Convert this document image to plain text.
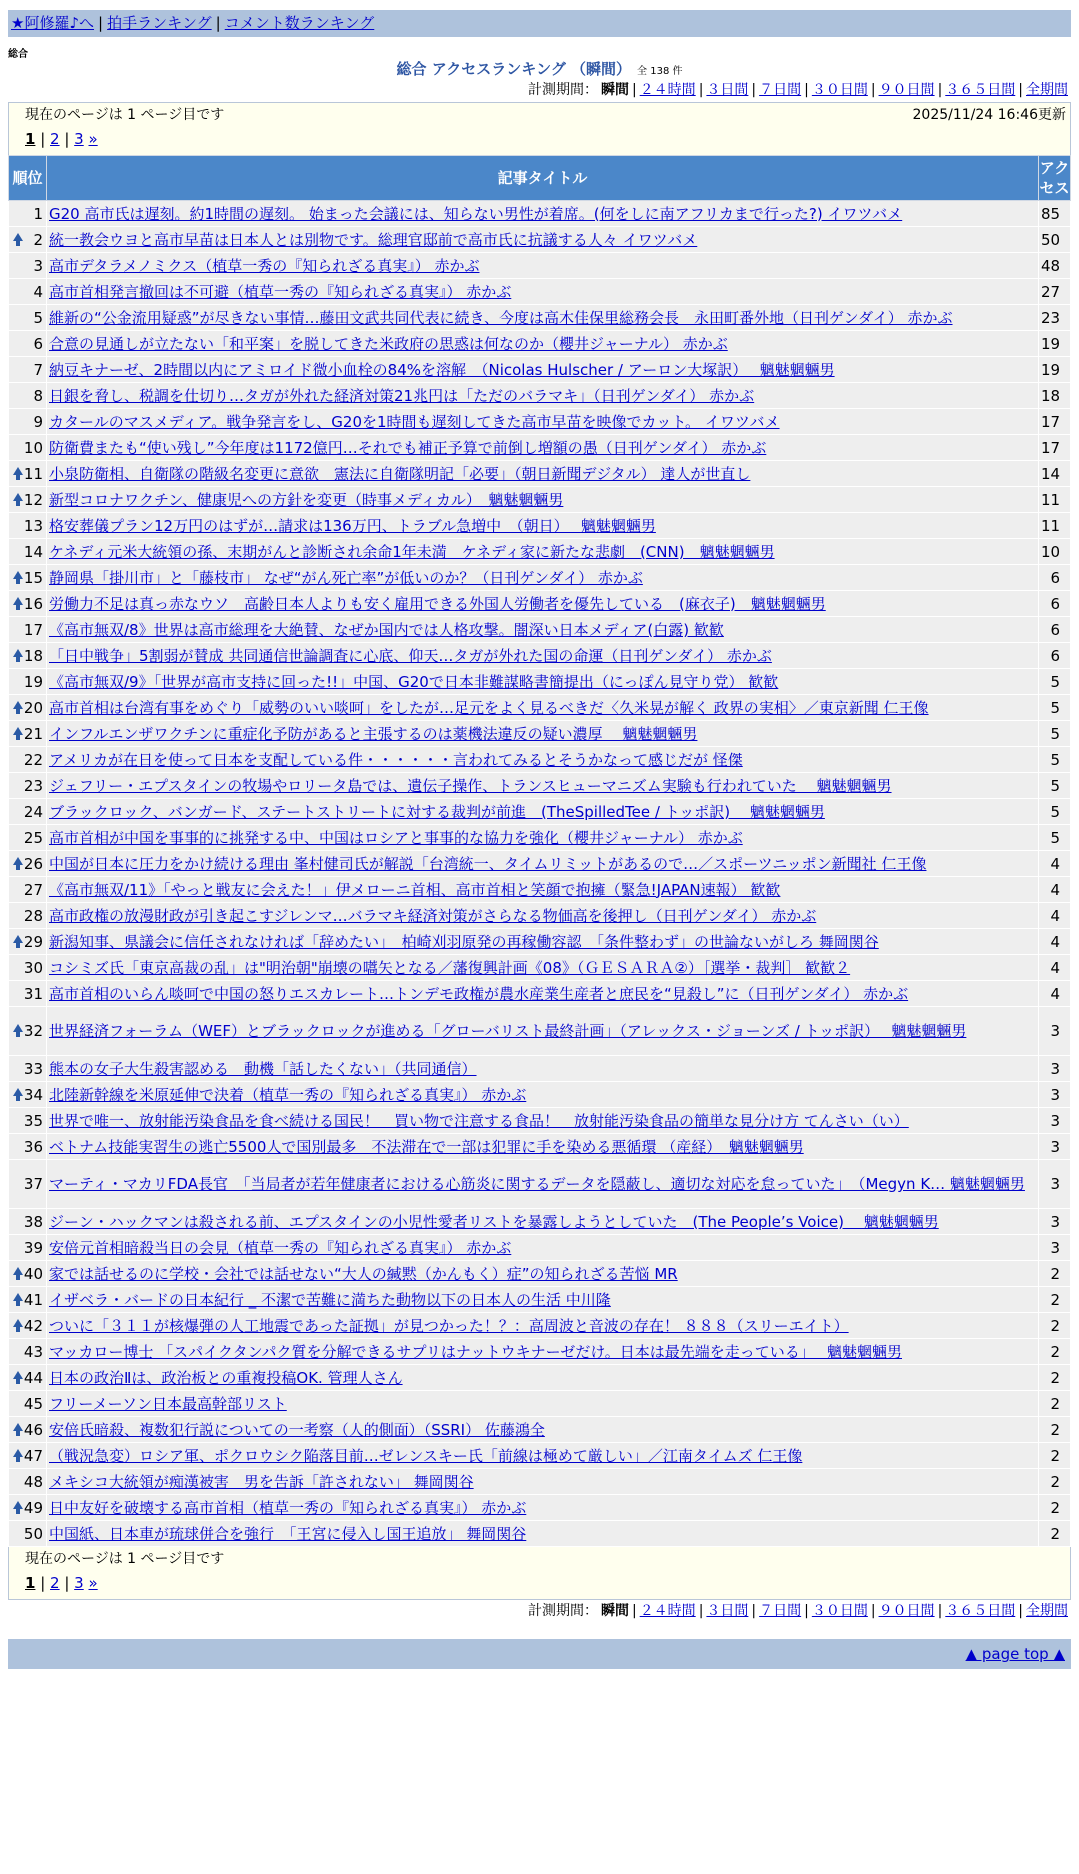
★阿修羅♪へ | 拍手ランキング | コメント数ランキング
総合
総合 アクセスランキング （瞬間） 全 138 件
計測期間： 瞬間 | ２４時間 | ３日間 | ７日間 | ３０日間 | ９０日間 | ３６５日間 | 全期間
現在のページは 1 ページ目です	2025/11/24 16:46更新
1 | 2 | 3 »
順位	記事タイトル	アクセス
1	G20 高市氏は遅刻。約1時間の遅刻。 始まった会議には、知らない男性が着席。(何をしに南アフリカまで行った?) イワツバメ	85

2	統一教会ウヨと高市早苗は日本人とは別物です。総理官邸前で高市氏に抗議する人々 イワツバメ	50
3	高市デタラメノミクス（植草一秀の『知られざる真実』） 赤かぶ	48
4	高市首相発言撤回は不可避（植草一秀の『知られざる真実』） 赤かぶ	27
5	維新の“公金流用疑惑”が尽きない事情…藤田文武共同代表に続き、今度は高木佳保里総務会長　永田町番外地（日刊ゲンダイ） 赤かぶ	23
6	合意の見通しが立たない「和平案」を脱してきた米政府の思惑は何なのか（櫻井ジャーナル） 赤かぶ	19
7	納豆キナーゼ、2時間以内にアミロイド微小血栓の84%を溶解　（Nicolas Hulscher / アーロン大塚訳）　 魑魅魍魎男	19
8	日銀を脅し、税調を仕切り…タガが外れた経済対策21兆円は「ただのバラマキ」（日刊ゲンダイ） 赤かぶ	18
9	カタールのマスメディア。戦争発言をし、G20を1時間も遅刻してきた高市早苗を映像でカット。 イワツバメ	17
10	防衛費またも“使い残し”今年度は1172億円…それでも補正予算で前倒し増額の愚（日刊ゲンダイ） 赤かぶ	17

11	小泉防衛相、自衛隊の階級名変更に意欲　憲法に自衛隊明記「必要」（朝日新聞デジタル） 達人が世直し	14

12	新型コロナワクチン、健康児への方針を変更（時事メディカル）　魑魅魍魎男	11
13	格安葬儀プラン12万円のはずが…請求は136万円、トラブル急増中　（朝日）　 魑魅魍魎男	11
14	ケネディ元米大統領の孫、末期がんと診断され余命1年未満　ケネディ家に新たな悲劇　(CNN)　魑魅魍魎男	10

15	静岡県「掛川市」と「藤枝市」 なぜ“がん死亡率”が低いのか？（日刊ゲンダイ） 赤かぶ	6

16	労働力不足は真っ赤なウソ　高齢日本人よりも安く雇用できる外国人労働者を優先している　(麻衣子)　魑魅魍魎男	6
17	《高市無双/8》世界は高市総理を大絶賛、なぜか国内では人格攻撃。闇深い日本メディア(白露) 歓歓	6

18	「日中戦争」5割弱が賛成 共同通信世論調査に心底、仰天…タガが外れた国の命運（日刊ゲンダイ） 赤かぶ	6
19	《高市無双/9》「世界が高市支持に回った!!」中国、G20で日本非難謀略書簡提出（にっぽん見守り党） 歓歓	5

20	高市首相は台湾有事をめぐり「威勢のいい啖呵」をしたが…足元をよく見るべきだ〈久米晃が解く 政界の実相〉／東京新聞 仁王像	5

21	インフルエンザワクチンに重症化予防があると主張するのは薬機法違反の疑い濃厚　 魑魅魍魎男	5
22	アメリカが在日を使って日本を支配している件・・・・・・言われてみるとそうかなって感じだが 怪傑	5
23	ジェフリー・エプスタインの牧場やロリータ島では、遺伝子操作、トランスヒューマニズム実験も行われていた　 魑魅魍魎男	5
24	ブラックロック、バンガード、ステートストリートに対する裁判が前進　(TheSpilledTee / トッポ訳)　 魑魅魍魎男	5
25	高市首相が中国を事事的に挑発する中、中国はロシアと事事的な協力を強化（櫻井ジャーナル） 赤かぶ	5

26	中国が日本に圧力をかけ続ける理由 峯村健司氏が解説「台湾統一、タイムリミットがあるので…／スポーツニッポン新聞社 仁王像	4
27	《高市無双/11》「やっと戦友に会えた！」伊メローニ首相、高市首相と笑顔で抱擁（緊急!JAPAN速報） 歓歓	4
28	高市政権の放漫財政が引き起こすジレンマ…バラマキ経済対策がさらなる物価高を後押し（日刊ゲンダイ） 赤かぶ	4

29	新潟知事、県議会に信任されなければ「辞めたい」　柏崎刈羽原発の再稼働容認　「条件整わず」の世論ないがしろ 舞岡関谷	4
30	コシミズ氏「東京高裁の乱」は"明治朝"崩壊の嚆矢となる／藩復興計画《08》（ＧＥＳＡＲＡ②）［選挙・裁判］ 歓歓２	4
31	高市首相のいらん啖呵で中国の怒りエスカレート…トンデモ政権が農水産業生産者と庶民を“見殺し”に（日刊ゲンダイ） 赤かぶ	4

32	世界経済フォーラム（WEF）とブラックロックが進める「グローバリスト最終計画」（アレックス・ジョーンズ / トッポ訳）　 魑魅魍魎男	3
33	熊本の女子大生殺害認める　動機「話したくない」（共同通信）	3

34	北陸新幹線を米原延伸で決着（植草一秀の『知られざる真実』） 赤かぶ	3
35	世界で唯一、放射能汚染食品を食べ続ける国民！　買い物で注意する食品！　放射能汚染食品の簡単な見分け方 てんさい（い）	3
36	ベトナム技能実習生の逃亡5500人で国別最多　不法滞在で一部は犯罪に手を染める悪循環 （産経）　魑魅魍魎男	3
37	マーティ・マカリFDA長官　「当局者が若年健康者における心筋炎に関するデータを隠蔽し、適切な対応を怠っていた」　（Megyn K… 魑魅魍魎男	3
38	ジーン・ハックマンは殺される前、エプスタインの小児性愛者リストを暴露しようとしていた　(The People’s Voice)　 魑魅魍魎男	3
39	安倍元首相暗殺当日の会見（植草一秀の『知られざる真実』） 赤かぶ	3

40	家では話せるのに学校・会社では話せない“大人の緘黙（かんもく）症”の知られざる苦悩 MR	2

41	イザベラ・バードの日本紀行 _ 不潔で苦難に満ちた動物以下の日本人の生活 中川隆	2

42	ついに「３１１が核爆弾の人工地震であった証拠」が見つかった！？：高周波と音波の存在！ ８８８（スリーエイト）	2
43	マッカロー博士 「スパイクタンパク質を分解できるサプリはナットウキナーゼだけ。日本は最先端を走っている」　 魑魅魍魎男	2

44	日本の政治Ⅱは、政治板との重複投稿OK. 管理人さん	2
45	フリーメーソン日本最高幹部リスト	2

46	安倍氏暗殺、複数犯行説についての一考察（人的側面）（SSRI） 佐藤鴻全	2

47	（戦況急変）ロシア軍、ポクロウシク陥落目前…ゼレンスキー氏「前線は極めて厳しい」／江南タイムズ 仁王像	2
48	メキシコ大統領が痴漢被害　男を告訴「許されない」 舞岡関谷	2

49	日中友好を破壊する高市首相（植草一秀の『知られざる真実』） 赤かぶ	2
50	中国紙、日本車が琉球併合を強行　「王宮に侵入し国王追放」 舞岡関谷	2
現在のページは 1 ページ目です
1 | 2 | 3 »
計測期間： 瞬間 | ２４時間 | ３日間 | ７日間 | ３０日間 | ９０日間 | ３６５日間 | 全期間
▲ page top ▲
